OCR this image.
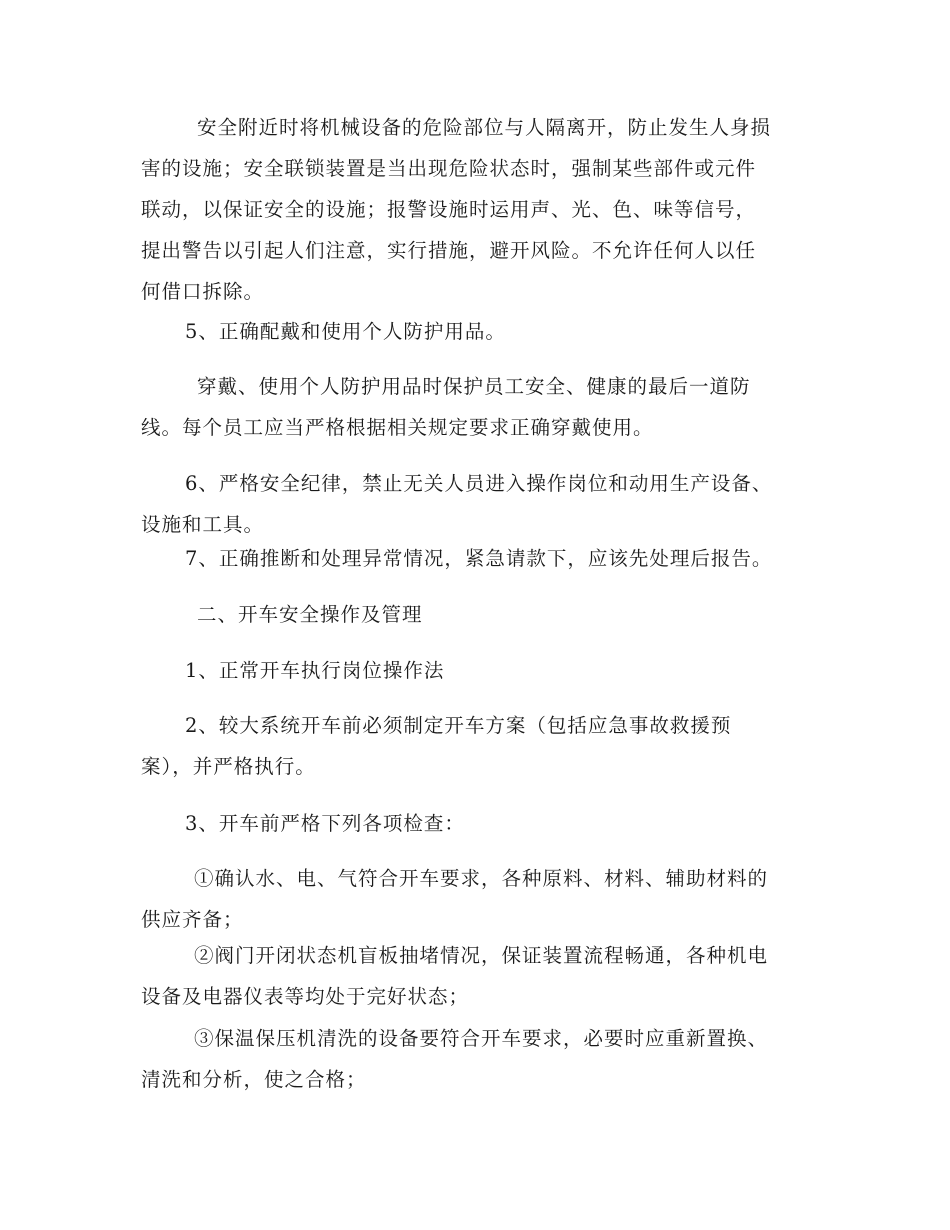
安全附近时将机械设备的危险部位与人隔离开，防止发生人身损
害的设施；安全联锁装置是当出现危险状态时，强制某些部件或元件
联动，以保证安全的设施；报警设施时运用声、光、色、味等信号，
提出警告以引起人们注意，实行措施，避开风险。不允许任何人以任
何借口拆除。
5、正确配戴和使用个人防护用品。
穿戴、使用个人防护用品时保护员工安全、健康的最后一道防
线。每个员工应当严格根据相关规定要求正确穿戴使用。
6、严格安全纪律，禁止无关人员进入操作岗位和动用生产设备、
设施和工具。
7、正确推断和处理异常情况，紧急请款下，应该先处理后报告。
二、开车安全操作及管理
1、正常开车执行岗位操作法
2、较大系统开车前必须制定开车方案（包括应急事故救援预
案），并严格执行。
3、开车前严格下列各项检查：
①确认水、电、气符合开车要求，各种原料、材料、辅助材料的
供应齐备；
②阀门开闭状态机盲板抽堵情况，保证装置流程畅通，各种机电
设备及电器仪表等均处于完好状态；
③保温保压机清洗的设备要符合开车要求，必要时应重新置换、
清洗和分析，使之合格；
